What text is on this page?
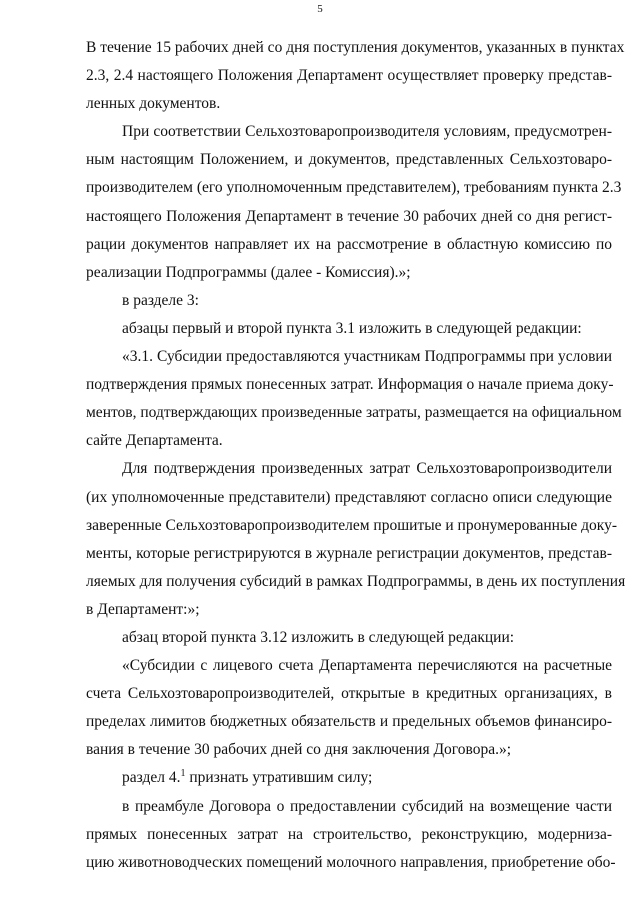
5
В течение 15 рабочих дней со дня поступления документов, указанных в пунктах
2.3, 2.4 настоящего Положения Департамент осуществляет проверку представ-
ленных документов.
При соответствии Сельхозтоваропроизводителя условиям, предусмотрен-
ным настоящим Положением, и документов, представленных Сельхозтоваро-
производителем (его уполномоченным представителем), требованиям пункта 2.3
настоящего Положения Департамент в течение 30 рабочих дней со дня регист-
рации документов направляет их на рассмотрение в областную комиссию по
реализации Подпрограммы (далее - Комиссия).»;
в разделе 3:
абзацы первый и второй пункта 3.1 изложить в следующей редакции:
«3.1. Субсидии предоставляются участникам Подпрограммы при условии
подтверждения прямых понесенных затрат. Информация о начале приема доку-
ментов, подтверждающих произведенные затраты, размещается на официальном
сайте Департамента.
Для подтверждения произведенных затрат Сельхозтоваропроизводители
(их уполномоченные представители) представляют согласно описи следующие
заверенные Сельхозтоваропроизводителем прошитые и пронумерованные доку-
менты, которые регистрируются в журнале регистрации документов, представ-
ляемых для получения субсидий в рамках Подпрограммы, в день их поступления
в Департамент:»;
абзац второй пункта 3.12 изложить в следующей редакции:
«Субсидии с лицевого счета Департамента перечисляются на расчетные
счета Сельхозтоваропроизводителей, открытые в кредитных организациях, в
пределах лимитов бюджетных обязательств и предельных объемов финансиро-
вания в течение 30 рабочих дней со дня заключения Договора.»;
раздел 4.$^1$ признать утратившим силу;
в преамбуле Договора о предоставлении субсидий на возмещение части
прямых понесенных затрат на строительство, реконструкцию, модерниза-
цию животноводческих помещений молочного направления, приобретение обо-
